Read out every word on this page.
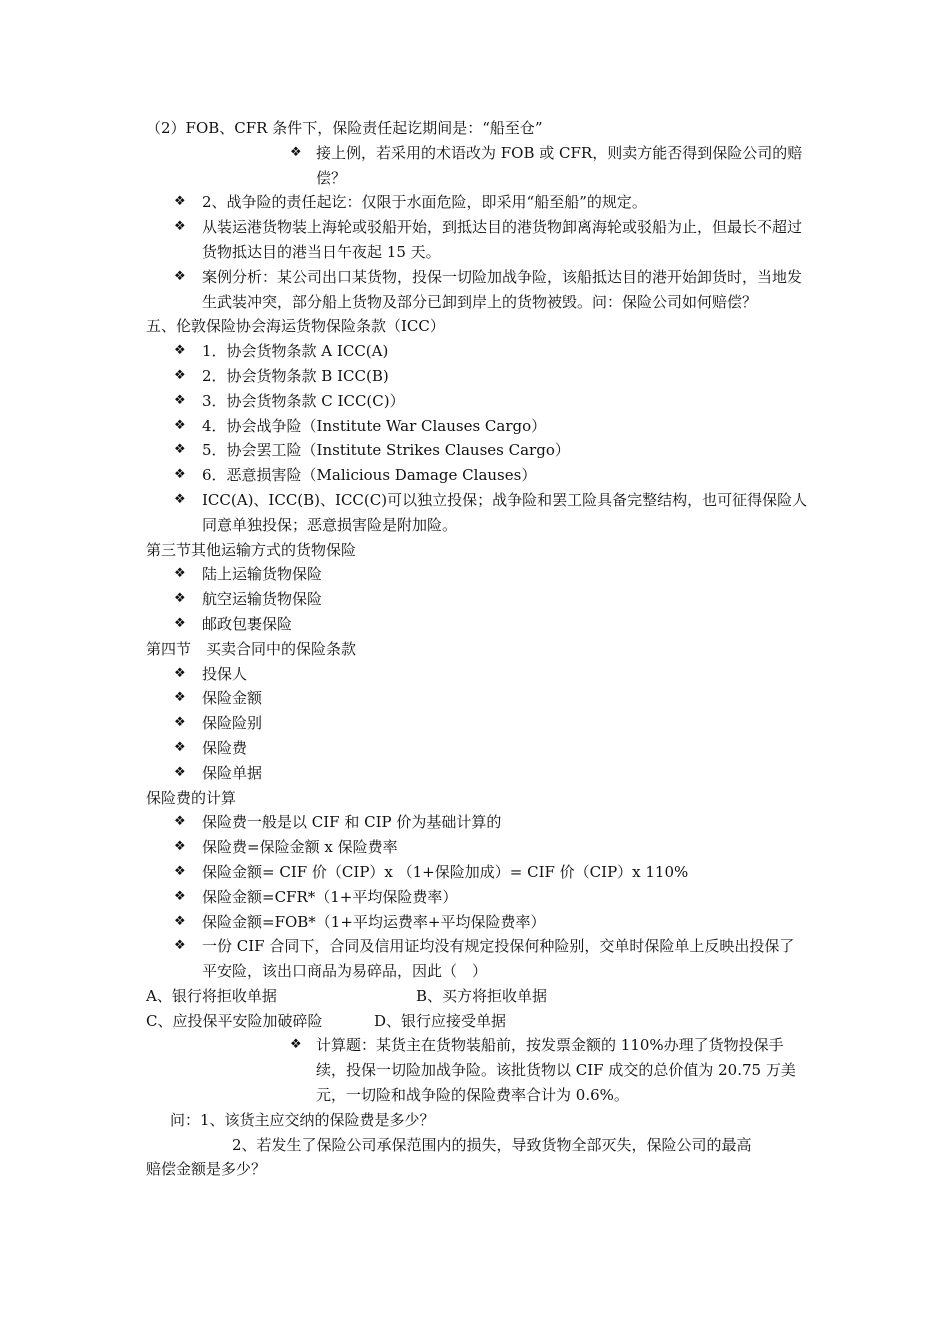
（2）FOB、CFR 条件下，保险责任起讫期间是：“船至仓”
❖ 接上例，若采用的术语改为 FOB 或 CFR，则卖方能否得到保险公司的赔偿？
❖ 2、战争险的责任起讫：仅限于水面危险，即采用“船至船”的规定。
❖ 从装运港货物装上海轮或驳船开始，到抵达目的港货物卸离海轮或驳船为止，但最长不超过货物抵达目的港当日午夜起 15 天。
❖ 案例分析：某公司出口某货物，投保一切险加战争险，该船抵达目的港开始卸货时，当地发生武装冲突，部分船上货物及部分已卸到岸上的货物被毁。问：保险公司如何赔偿？
五、伦敦保险协会海运货物保险条款（ICC）
❖ 1．协会货物条款 A ICC(A)
❖ 2．协会货物条款 B ICC(B)
❖ 3．协会货物条款 C ICC(C)）
❖ 4．协会战争险（Institute War Clauses Cargo）
❖ 5．协会罢工险（Institute Strikes Clauses Cargo）
❖ 6．恶意损害险（Malicious Damage Clauses）
❖ ICC(A)、ICC(B)、ICC(C)可以独立投保；战争险和罢工险具备完整结构，也可征得保险人同意单独投保；恶意损害险是附加险。
第三节其他运输方式的货物保险
❖ 陆上运输货物保险
❖ 航空运输货物保险
❖ 邮政包裹保险
第四节　买卖合同中的保险条款
❖ 投保人
❖ 保险金额
❖ 保险险别
❖ 保险费
❖ 保险单据
保险费的计算
❖ 保险费一般是以 CIF 和 CIP 价为基础计算的
❖ 保险费=保险金额 x 保险费率
❖ 保险金额= CIF 价（CIP）x （1+保险加成）= CIF 价（CIP）x 110%
❖ 保险金额=CFR*（1+平均保险费率）
❖ 保险金额=FOB*（1+平均运费率+平均保险费率）
❖ 一份 CIF 合同下，合同及信用证均没有规定投保何种险别，交单时保险单上反映出投保了平安险，该出口商品为易碎品，因此（　）
A、银行将拒收单据	B、买方将拒收单据
C、应投保平安险加破碎险	D、银行应接受单据
❖ 计算题：某货主在货物装船前，按发票金额的 110%办理了货物投保手续，投保一切险加战争险。该批货物以 CIF 成交的总价值为 20.75 万美元，一切险和战争险的保险费率合计为 0.6%。
问：1、该货主应交纳的保险费是多少？
2、若发生了保险公司承保范围内的损失，导致货物全部灭失，保险公司的最高
赔偿金额是多少？
